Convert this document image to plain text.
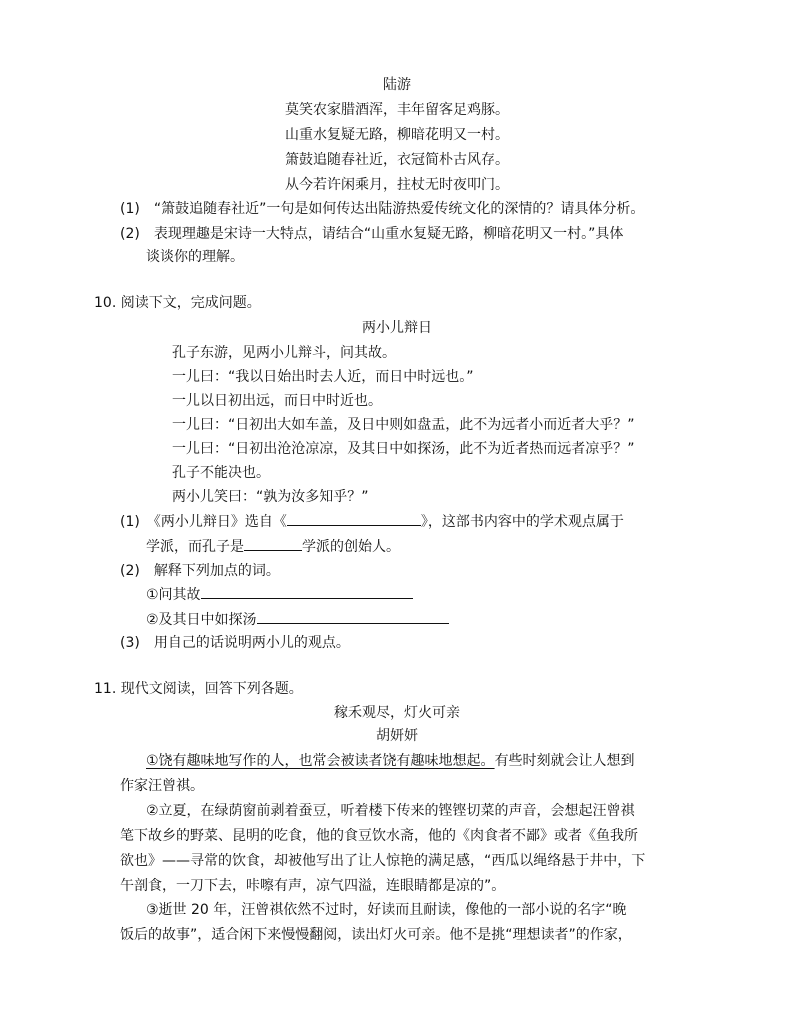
陆游
莫笑农家腊酒浑，丰年留客足鸡豚。
山重水复疑无路，柳暗花明又一村。
箫鼓追随春社近，衣冠简朴古风存。
从今若许闲乘月，拄杖无时夜叩门。
(1)　“箫鼓追随春社近”一句是如何传达出陆游热爱传统文化的深情的？请具体分析。
(2)　表现理趣是宋诗一大特点，请结合“山重水复疑无路，柳暗花明又一村。”具体
谈谈你的理解。
10. 阅读下文，完成问题。
两小儿辩日
孔子东游，见两小儿辩斗，问其故。
一儿曰：“我以日始出时去人近，而日中时远也。”
一儿以日初出远，而日中时近也。
一儿曰：“日初出大如车盖，及日中则如盘盂，此不为远者小而近者大乎？”
一儿曰：“日初出沧沧凉凉，及其日中如探汤，此不为近者热而远者凉乎？”
孔子不能决也。
两小儿笑曰：“孰为汝多知乎？”
(1)　《两小儿辩日》选自《	》，这部书内容中的学术观点属于
学派，而孔子是	学派的创始人。
(2)　解释下列加点的词。
①问其故
②及其日中如探汤
(3)　用自己的话说明两小儿的观点。
11. 现代文阅读，回答下列各题。
稼禾观尽，灯火可亲
胡妍妍
①饶有趣味地写作的人，也常会被读者饶有趣味地想起。有些时刻就会让人想到
作家汪曾祺。
②立夏，在绿荫窗前剥着蚕豆，听着楼下传来的铿铿切菜的声音，会想起汪曾祺
笔下故乡的野菜、昆明的吃食，他的食豆饮水斋，他的《肉食者不鄙》或者《鱼我所
欲也》——寻常的饮食，却被他写出了让人惊艳的满足感，“西瓜以绳络悬于井中，下
午剖食，一刀下去，咔嚓有声，凉气四溢，连眼睛都是凉的”。
③逝世 20 年，汪曾祺依然不过时，好读而且耐读，像他的一部小说的名字“晚
饭后的故事”，适合闲下来慢慢翻阅，读出灯火可亲。他不是挑“理想读者”的作家，
